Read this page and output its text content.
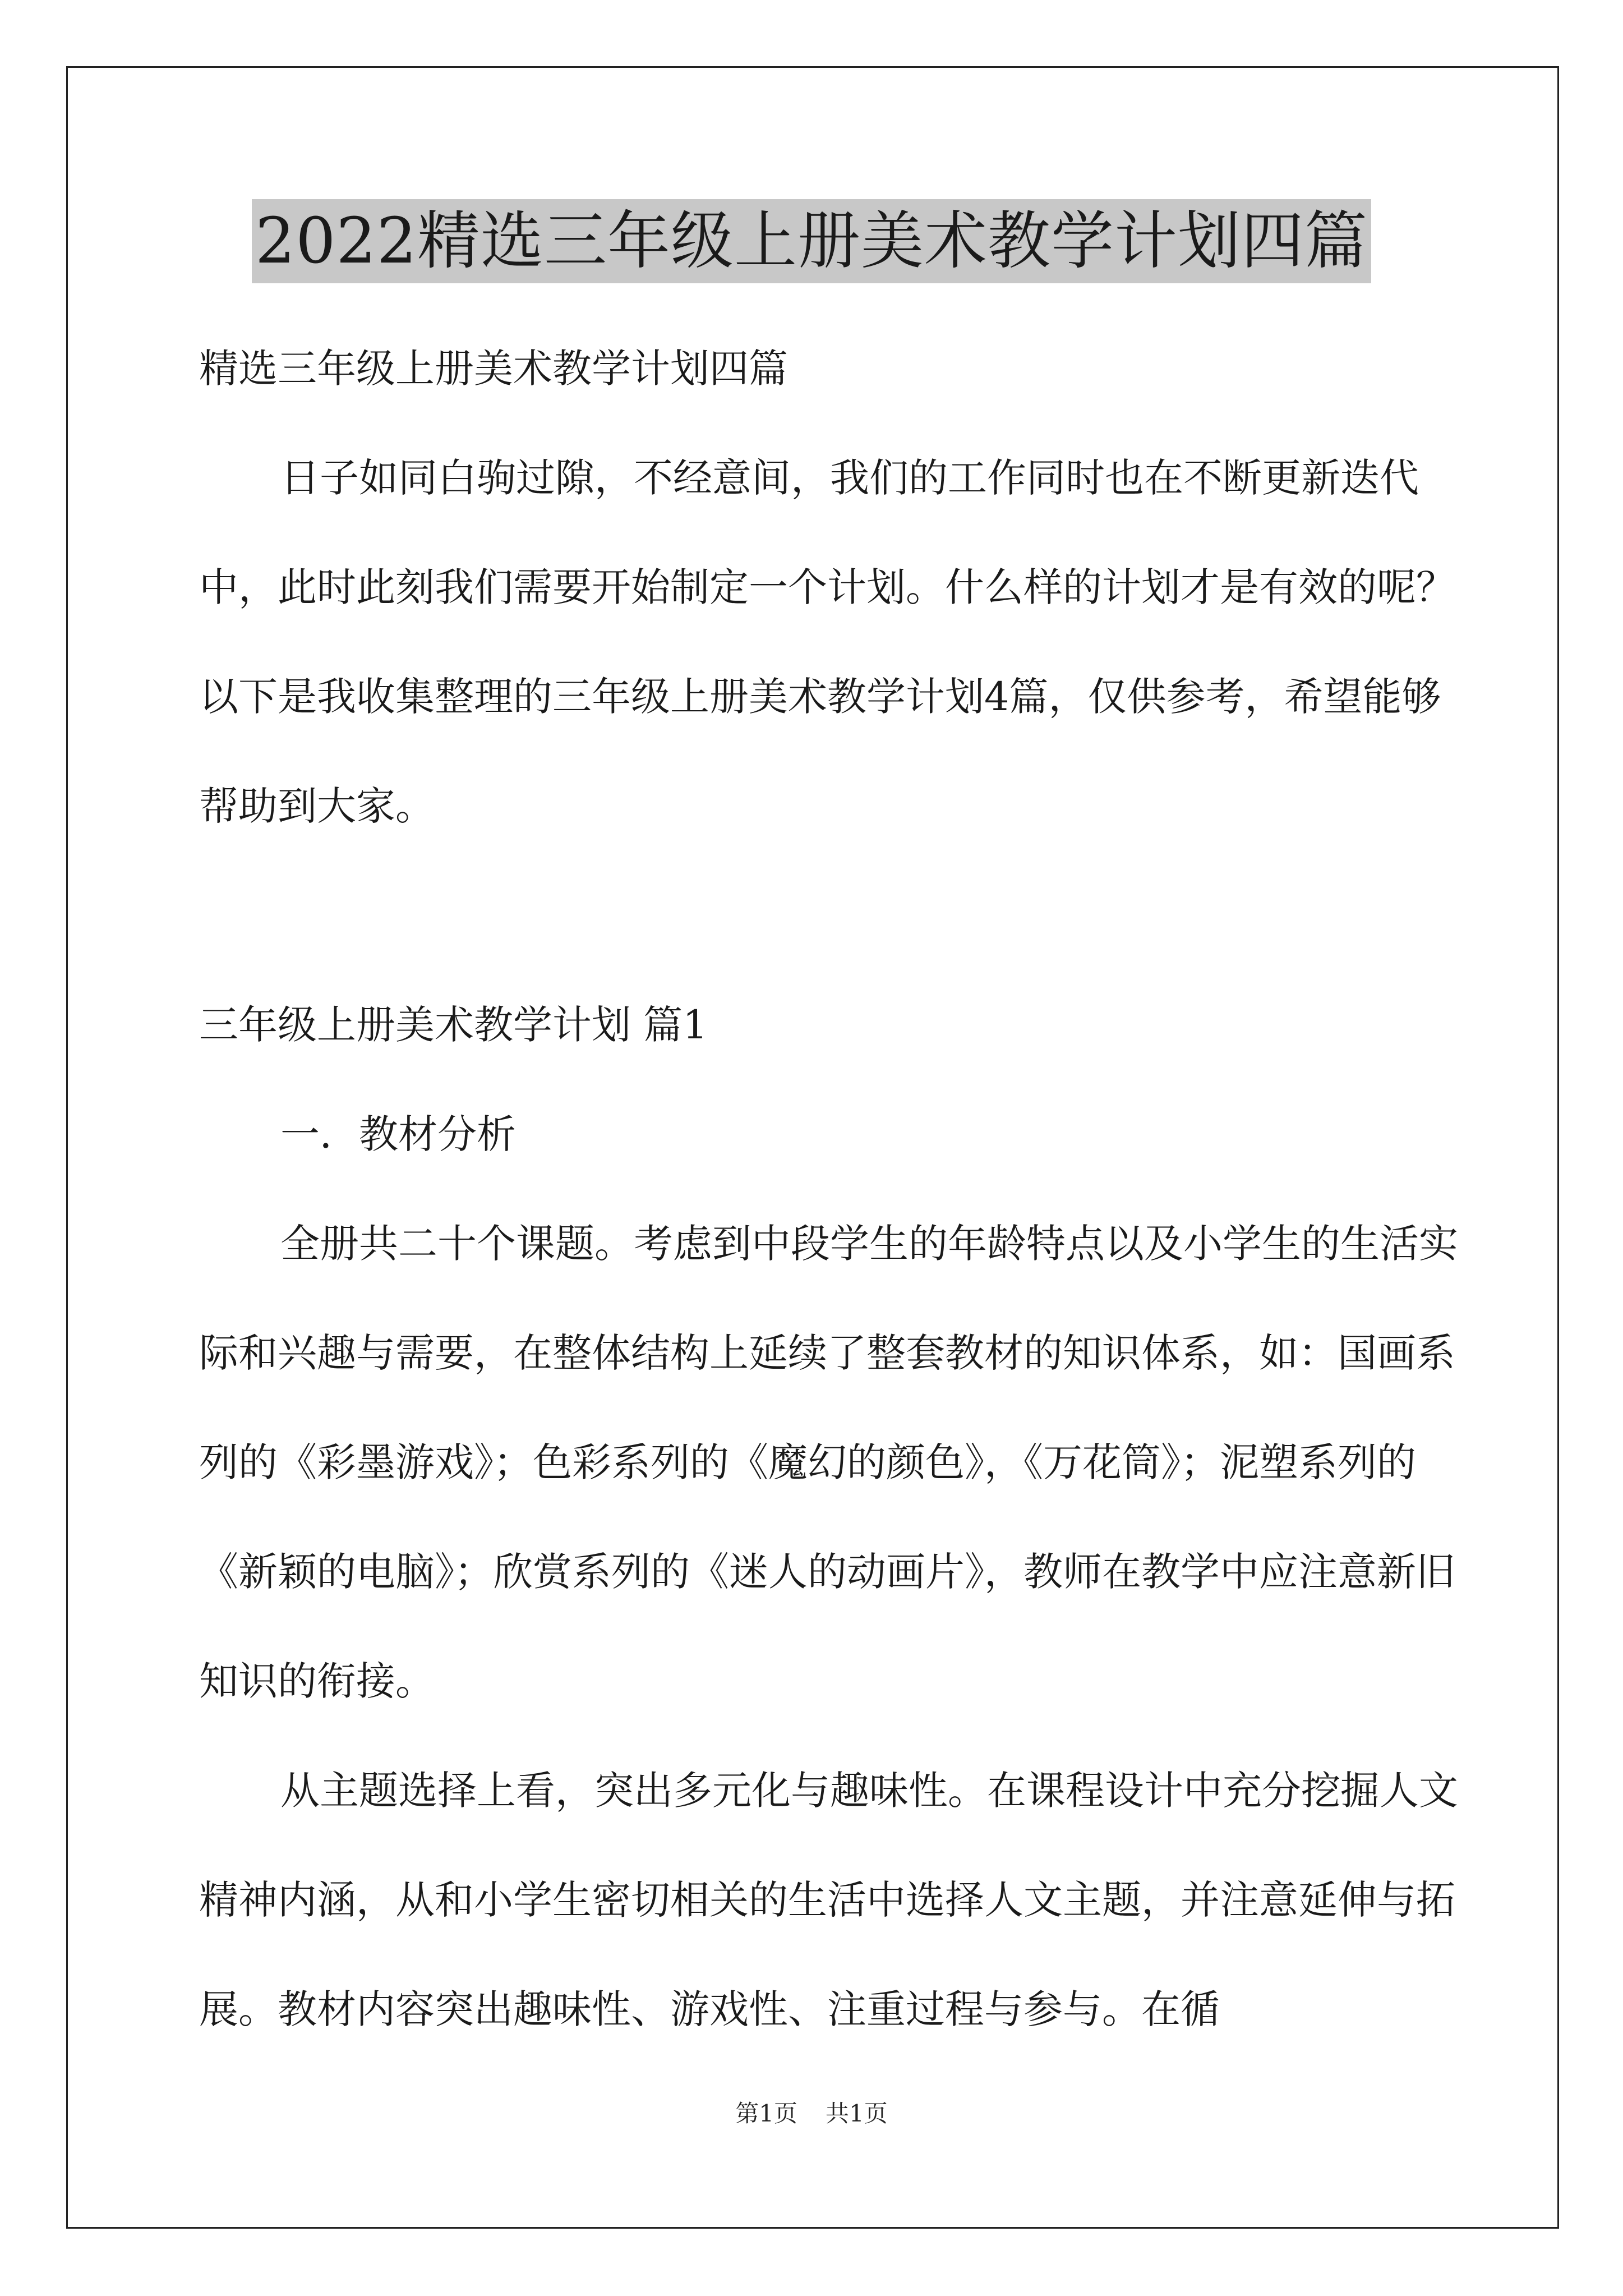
2022精选三年级上册美术教学计划四篇

精选三年级上册美术教学计划四篇

日子如同白驹过隙，不经意间，我们的工作同时也在不断更新迭代中，此时此刻我们需要开始制定一个计划。什么样的计划才是有效的呢？以下是我收集整理的三年级上册美术教学计划4篇，仅供参考，希望能够帮助到大家。

三年级上册美术教学计划 篇1

一．教材分析

全册共二十个课题。考虑到中段学生的年龄特点以及小学生的生活实际和兴趣与需要，在整体结构上延续了整套教材的知识体系，如：国画系列的《彩墨游戏》；色彩系列的《魔幻的颜色》，《万花筒》；泥塑系列的《新颖的电脑》；欣赏系列的《迷人的动画片》，教师在教学中应注意新旧知识的衔接。

从主题选择上看，突出多元化与趣味性。在课程设计中充分挖掘人文精神内涵，从和小学生密切相关的生活中选择人文主题，并注意延伸与拓展。教材内容突出趣味性、游戏性、注重过程与参与。在循

第1页 共1页
